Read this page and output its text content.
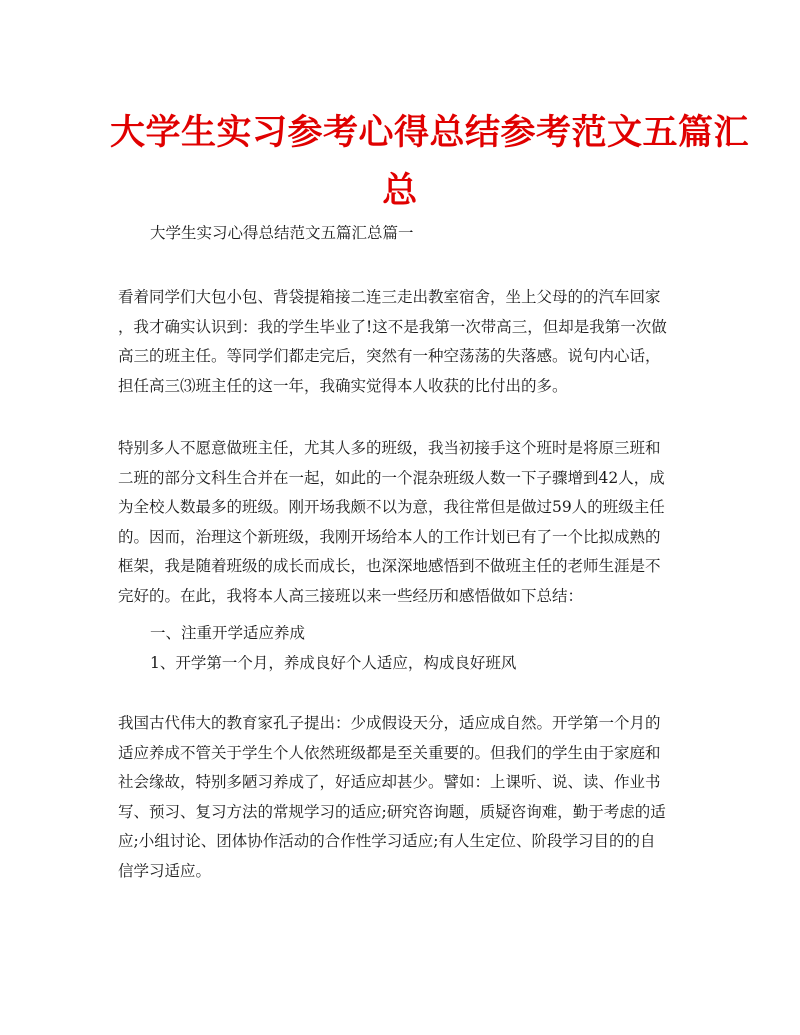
大学生实习参考心得总结参考范文五篇汇
总

大学生实习心得总结范文五篇汇总篇一

看着同学们大包小包、背袋提箱接二连三走出教室宿舍，坐上父母的的汽车回家
，我才确实认识到：我的学生毕业了!这不是我第一次带高三，但却是我第一次做
高三的班主任。等同学们都走完后，突然有一种空荡荡的失落感。说句内心话，
担任高三⑶班主任的这一年，我确实觉得本人收获的比付出的多。
特别多人不愿意做班主任，尤其人多的班级，我当初接手这个班时是将原三班和
二班的部分文科生合并在一起，如此的一个混杂班级人数一下子骤增到42人，成
为全校人数最多的班级。刚开场我颇不以为意，我往常但是做过59人的班级主任
的。因而，治理这个新班级，我刚开场给本人的工作计划已有了一个比拟成熟的
框架，我是随着班级的成长而成长，也深深地感悟到不做班主任的老师生涯是不
完好的。在此，我将本人高三接班以来一些经历和感悟做如下总结：

一、注重开学适应养成

1、开学第一个月，养成良好个人适应，构成良好班风

我国古代伟大的教育家孔子提出：少成假设天分，适应成自然。开学第一个月的
适应养成不管关于学生个人依然班级都是至关重要的。但我们的学生由于家庭和
社会缘故，特别多陋习养成了，好适应却甚少。譬如：上课听、说、读、作业书
写、预习、复习方法的常规学习的适应;研究咨询题，质疑咨询难，勤于考虑的适
应;小组讨论、团体协作活动的合作性学习适应;有人生定位、阶段学习目的的自
信学习适应。
